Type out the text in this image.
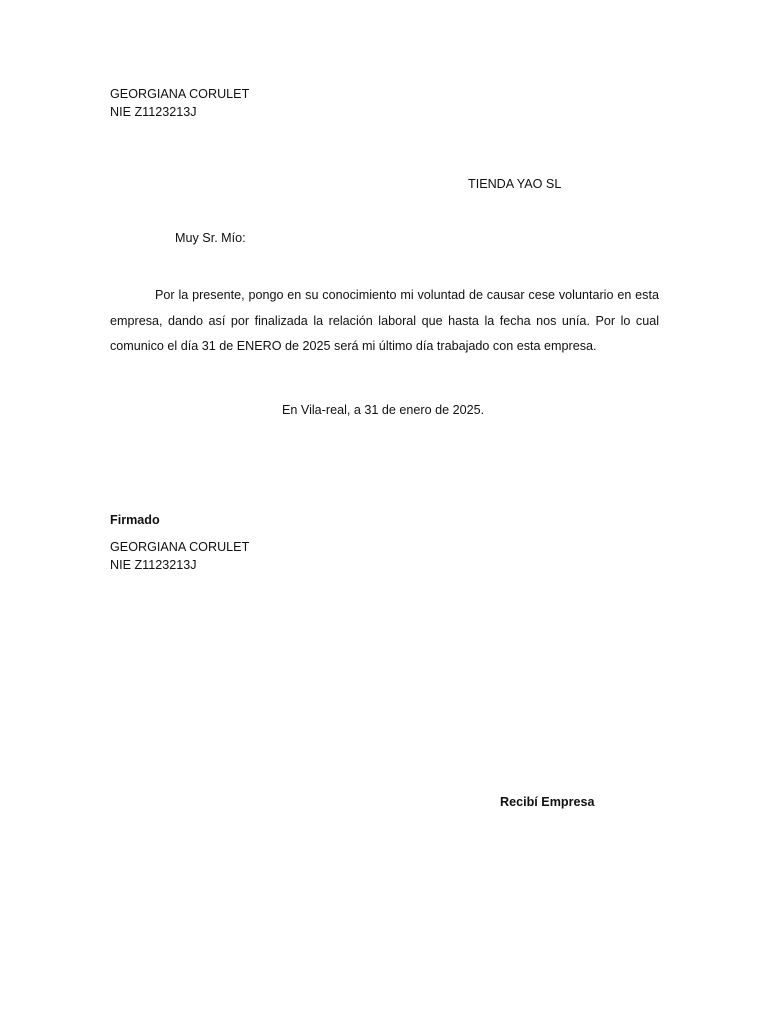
GEORGIANA CORULET
NIE Z1123213J
TIENDA YAO SL
Muy Sr. Mío:
Por la presente, pongo en su conocimiento mi voluntad de causar cese voluntario en esta empresa, dando así por finalizada la relación laboral que hasta la fecha nos unía. Por lo cual comunico el día 31 de ENERO de 2025 será mi último día trabajado con esta empresa.
En Vila-real, a 31 de enero de 2025.
Firmado
GEORGIANA CORULET
NIE Z1123213J
Recibí Empresa
